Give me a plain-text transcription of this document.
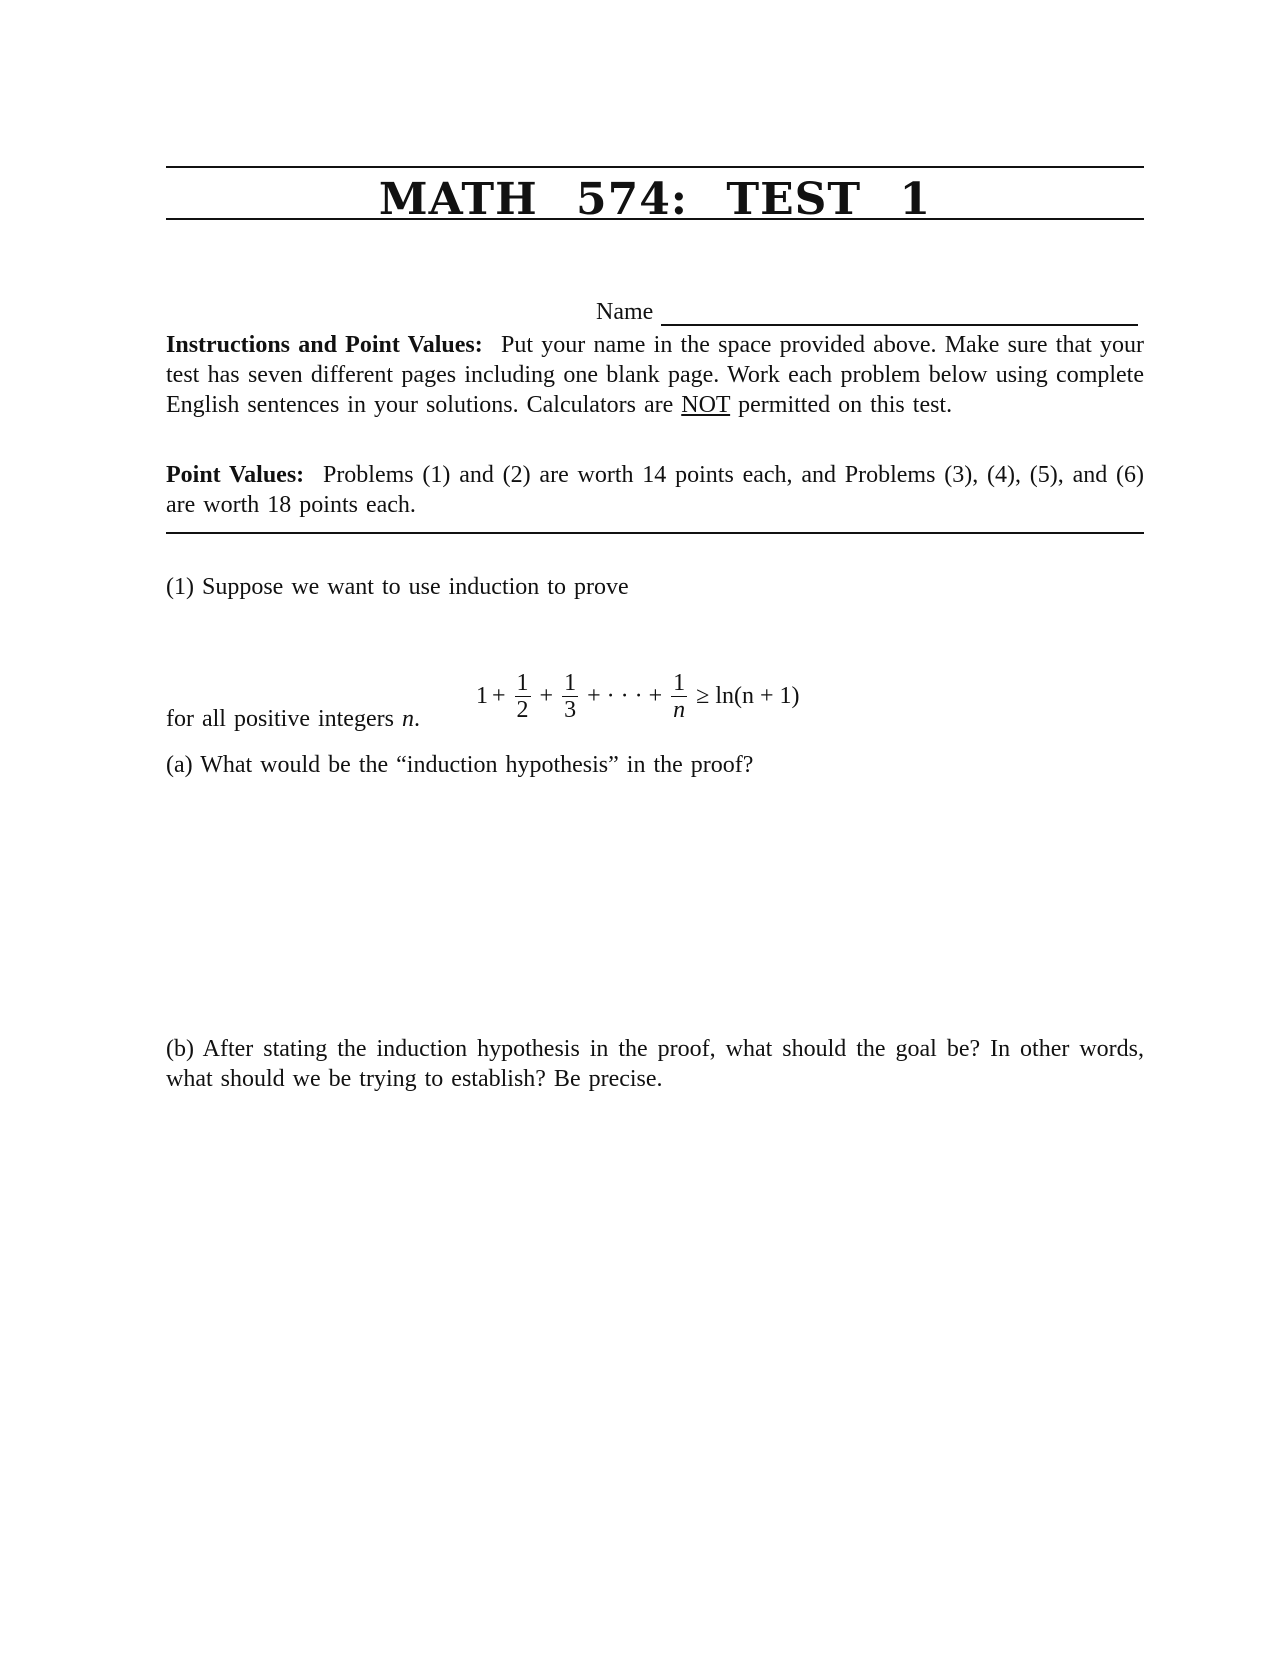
MATH 574: TEST 1
Name
Instructions and Point Values: Put your name in the space provided above. Make sure that your test has seven different pages including one blank page. Work each problem below using complete English sentences in your solutions. Calculators are NOT permitted on this test.
Point Values: Problems (1) and (2) are worth 14 points each, and Problems (3), (4), (5), and (6) are worth 18 points each.
(1) Suppose we want to use induction to prove
$1 + \frac{1}{2} + \frac{1}{3}$ + · · · + $\frac{1}{n} \ge \ln(n + 1)$
for all positive integers n.
(a) What would be the “induction hypothesis” in the proof?
(b) After stating the induction hypothesis in the proof, what should the goal be? In other words, what should we be trying to establish? Be precise.
